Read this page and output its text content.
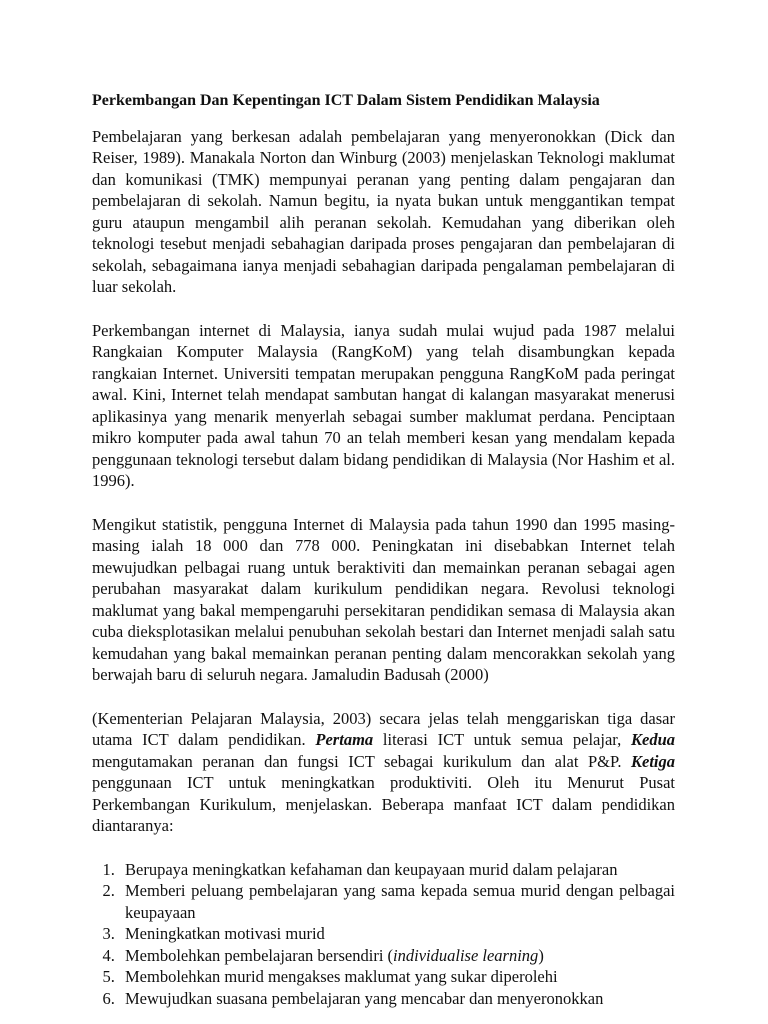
Perkembangan Dan Kepentingan ICT Dalam Sistem Pendidikan Malaysia

Pembelajaran yang berkesan adalah pembelajaran yang menyeronokkan (Dick dan Reiser, 1989). Manakala Norton dan Winburg (2003) menjelaskan Teknologi maklumat dan komunikasi (TMK) mempunyai peranan yang penting dalam pengajaran dan pembelajaran di sekolah. Namun begitu, ia nyata bukan untuk menggantikan tempat guru ataupun mengambil alih peranan sekolah. Kemudahan yang diberikan oleh teknologi tesebut menjadi sebahagian daripada proses pengajaran dan pembelajaran di sekolah, sebagaimana ianya menjadi sebahagian daripada pengalaman pembelajaran di luar sekolah.

Perkembangan internet di Malaysia, ianya sudah mulai wujud pada 1987 melalui Rangkaian Komputer Malaysia (RangKoM) yang telah disambungkan kepada rangkaian Internet. Universiti tempatan merupakan pengguna RangKoM pada peringat awal. Kini, Internet telah mendapat sambutan hangat di kalangan masyarakat menerusi aplikasinya yang menarik menyerlah sebagai sumber maklumat perdana. Penciptaan mikro komputer pada awal tahun 70 an telah memberi kesan yang mendalam kepada penggunaan teknologi tersebut dalam bidang pendidikan di Malaysia (Nor Hashim et al. 1996).

Mengikut statistik, pengguna Internet di Malaysia pada tahun 1990 dan 1995 masing-masing ialah 18 000 dan 778 000. Peningkatan ini disebabkan Internet telah mewujudkan pelbagai ruang untuk beraktiviti dan memainkan peranan sebagai agen perubahan masyarakat dalam kurikulum pendidikan negara. Revolusi teknologi maklumat yang bakal mempengaruhi persekitaran pendidikan semasa di Malaysia akan cuba dieksplotasikan melalui penubuhan sekolah bestari dan Internet menjadi salah satu kemudahan yang bakal memainkan peranan penting dalam mencorakkan sekolah yang berwajah baru di seluruh negara. Jamaludin Badusah (2000)

(Kementerian Pelajaran Malaysia, 2003) secara jelas telah menggariskan tiga dasar utama ICT dalam pendidikan. Pertama literasi ICT untuk semua pelajar, Kedua mengutamakan peranan dan fungsi ICT sebagai kurikulum dan alat P&P. Ketiga penggunaan ICT untuk meningkatkan produktiviti. Oleh itu Menurut Pusat Perkembangan Kurikulum, menjelaskan. Beberapa manfaat ICT dalam pendidikan diantaranya:

1. Berupaya meningkatkan kefahaman dan keupayaan murid dalam pelajaran
2. Memberi peluang pembelajaran yang sama kepada semua murid dengan pelbagai keupayaan
3. Meningkatkan motivasi murid
4. Membolehkan pembelajaran bersendiri (individualise learning)
5. Membolehkan murid mengakses maklumat yang sukar diperolehi
6. Mewujudkan suasana pembelajaran yang mencabar dan menyeronokkan
